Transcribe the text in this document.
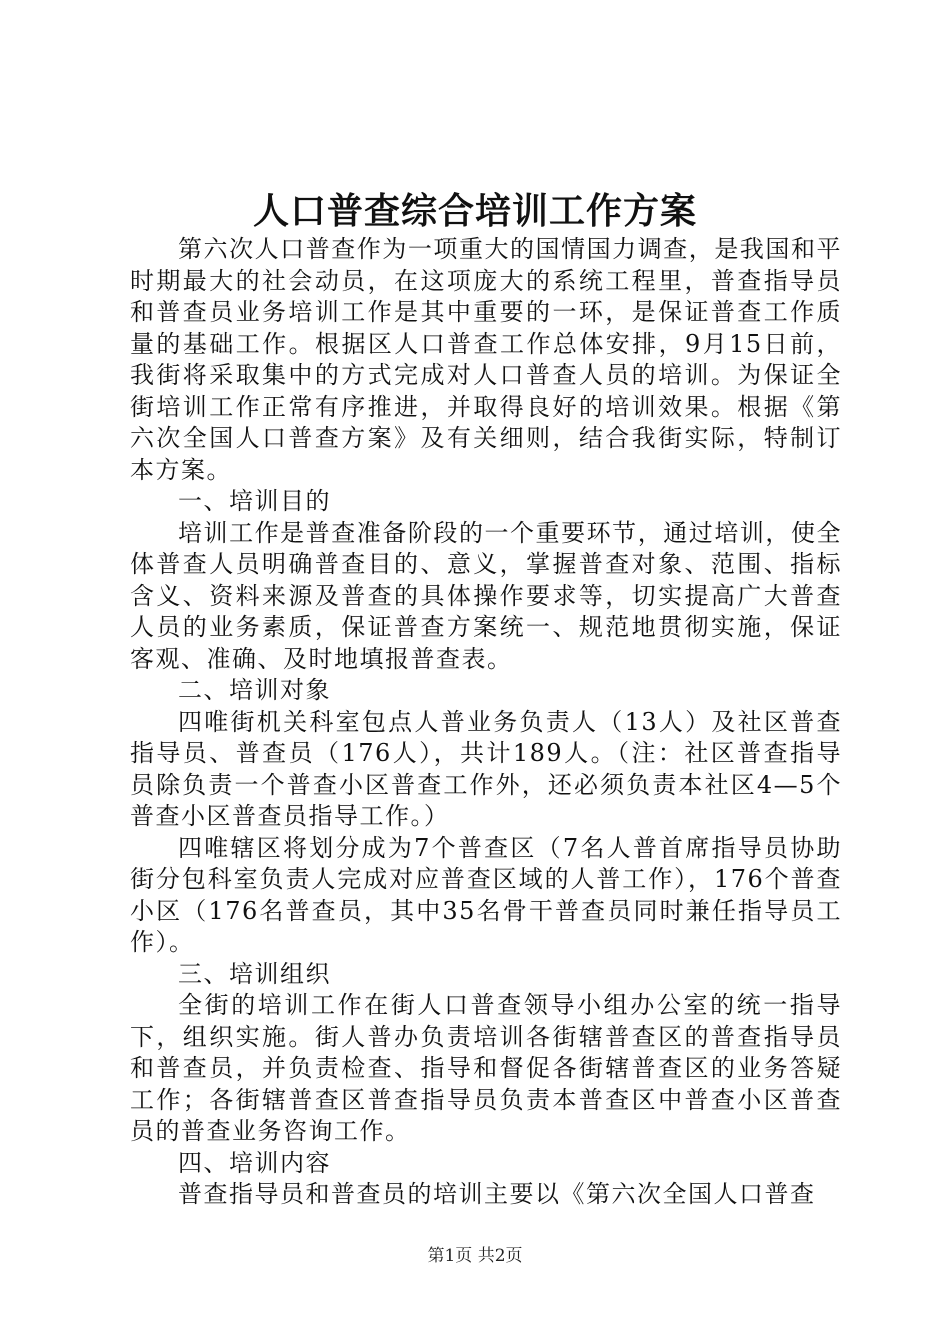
人口普查综合培训工作方案

第六次人口普查作为一项重大的国情国力调查，是我国和平时期最大的社会动员，在这项庞大的系统工程里，普查指导员和普查员业务培训工作是其中重要的一环，是保证普查工作质量的基础工作。根据区人口普查工作总体安排，9月15日前，我街将采取集中的方式完成对人口普查人员的培训。为保证全街培训工作正常有序推进，并取得良好的培训效果。根据《第六次全国人口普查方案》及有关细则，结合我街实际，特制订本方案。

一、培训目的

培训工作是普查准备阶段的一个重要环节，通过培训，使全体普查人员明确普查目的、意义，掌握普查对象、范围、指标含义、资料来源及普查的具体操作要求等，切实提高广大普查人员的业务素质，保证普查方案统一、规范地贯彻实施，保证客观、准确、及时地填报普查表。

二、培训对象

四唯街机关科室包点人普业务负责人（13人）及社区普查指导员、普查员（176人），共计189人。（注：社区普查指导员除负责一个普查小区普查工作外，还必须负责本社区4—5个普查小区普查员指导工作。）

四唯辖区将划分成为7个普查区（7名人普首席指导员协助街分包科室负责人完成对应普查区域的人普工作），176个普查小区（176名普查员，其中35名骨干普查员同时兼任指导员工作）。

三、培训组织

全街的培训工作在街人口普查领导小组办公室的统一指导下，组织实施。街人普办负责培训各街辖普查区的普查指导员和普查员，并负责检查、指导和督促各街辖普查区的业务答疑工作；各街辖普查区普查指导员负责本普查区中普查小区普查员的普查业务咨询工作。

四、培训内容

普查指导员和普查员的培训主要以《第六次全国人口普查

第1页 共2页
